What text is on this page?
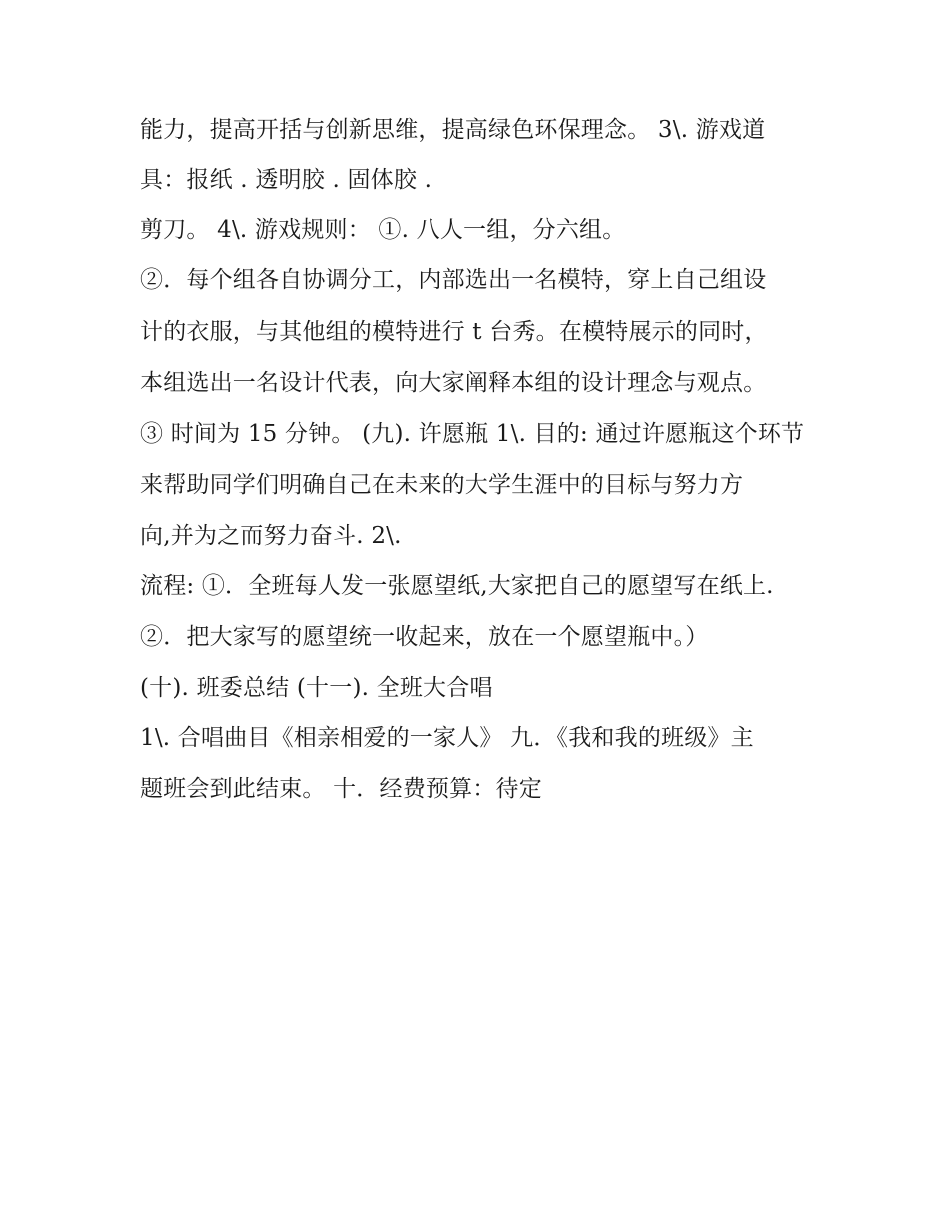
能力，提高开括与创新思维，提高绿色环保理念。 3\. 游戏道
具：报纸 . 透明胶 . 固体胶 .
剪刀。 4\. 游戏规则： ①. 八人一组，分六组。
②．每个组各自协调分工，内部选出一名模特，穿上自己组设
计的衣服，与其他组的模特进行 t 台秀。在模特展示的同时，
本组选出一名设计代表，向大家阐释本组的设计理念与观点。
③ 时间为 15 分钟。 (九). 许愿瓶 1\. 目的: 通过许愿瓶这个环节
来帮助同学们明确自己在未来的大学生涯中的目标与努力方
向,并为之而努力奋斗. 2\.
流程: ①．全班每人发一张愿望纸,大家把自己的愿望写在纸上.
②．把大家写的愿望统一收起来，放在一个愿望瓶中。）
(十). 班委总结 (十一). 全班大合唱
1\. 合唱曲目《相亲相爱的一家人》 九．《我和我的班级》主
题班会到此结束。 十．经费预算：待定
